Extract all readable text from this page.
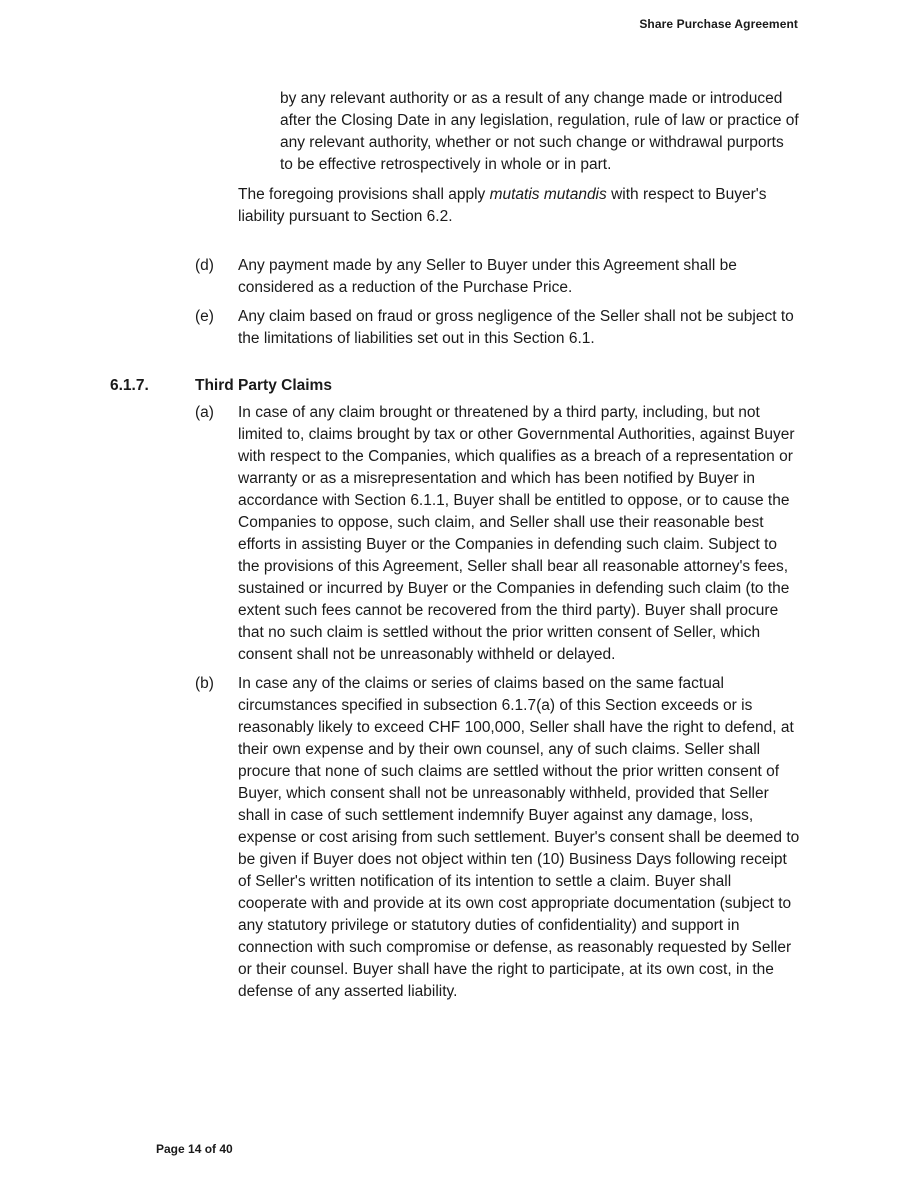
Share Purchase Agreement

by any relevant authority or as a result of any change made or introduced after the Closing Date in any legislation, regulation, rule of law or practice of any relevant authority, whether or not such change or withdrawal purports to be effective retrospectively in whole or in part.

The foregoing provisions shall apply mutatis mutandis with respect to Buyer's liability pursuant to Section 6.2.

(d) Any payment made by any Seller to Buyer under this Agreement shall be considered as a reduction of the Purchase Price.

(e) Any claim based on fraud or gross negligence of the Seller shall not be subject to the limitations of liabilities set out in this Section 6.1.

6.1.7.	Third Party Claims
(a) In case of any claim brought or threatened by a third party, including, but not limited to, claims brought by tax or other Governmental Authorities, against Buyer with respect to the Companies, which qualifies as a breach of a representation or warranty or as a misrepresentation and which has been notified by Buyer in accordance with Section 6.1.1, Buyer shall be entitled to oppose, or to cause the Companies to oppose, such claim, and Seller shall use their reasonable best efforts in assisting Buyer or the Companies in defending such claim. Subject to the provisions of this Agreement, Seller shall bear all reasonable attorney's fees, sustained or incurred by Buyer or the Companies in defending such claim (to the extent such fees cannot be recovered from the third party). Buyer shall procure that no such claim is settled without the prior written consent of Seller, which consent shall not be unreasonably withheld or delayed.

(b) In case any of the claims or series of claims based on the same factual circumstances specified in subsection 6.1.7(a) of this Section exceeds or is reasonably likely to exceed CHF 100,000, Seller shall have the right to defend, at their own expense and by their own counsel, any of such claims. Seller shall procure that none of such claims are settled without the prior written consent of Buyer, which consent shall not be unreasonably withheld, provided that Seller shall in case of such settlement indemnify Buyer against any damage, loss, expense or cost arising from such settlement. Buyer's consent shall be deemed to be given if Buyer does not object within ten (10) Business Days following receipt of Seller's written notification of its intention to settle a claim. Buyer shall cooperate with and provide at its own cost appropriate documentation (subject to any statutory privilege or statutory duties of confidentiality) and support in connection with such compromise or defense, as reasonably requested by Seller or their counsel. Buyer shall have the right to participate, at its own cost, in the defense of any asserted liability.

Page 14 of 40
